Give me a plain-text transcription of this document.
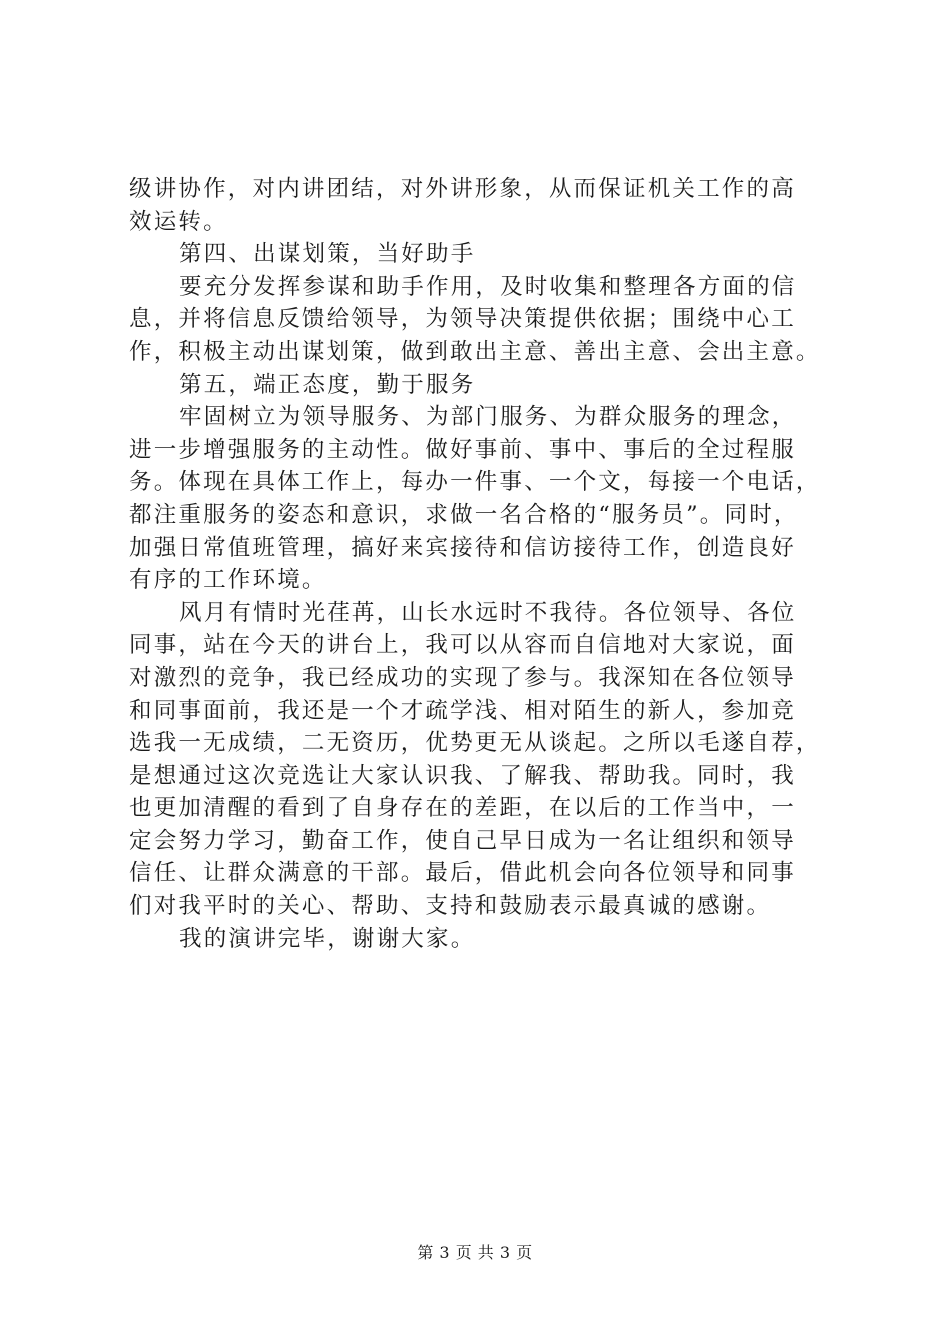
级讲协作，对内讲团结，对外讲形象，从而保证机关工作的高
效运转。
第四、出谋划策，当好助手
要充分发挥参谋和助手作用，及时收集和整理各方面的信
息，并将信息反馈给领导，为领导决策提供依据；围绕中心工
作，积极主动出谋划策，做到敢出主意、善出主意、会出主意。
第五，端正态度，勤于服务
牢固树立为领导服务、为部门服务、为群众服务的理念，
进一步增强服务的主动性。做好事前、事中、事后的全过程服
务。体现在具体工作上，每办一件事、一个文，每接一个电话，
都注重服务的姿态和意识，求做一名合格的“服务员”。同时，
加强日常值班管理，搞好来宾接待和信访接待工作，创造良好
有序的工作环境。
风月有情时光荏苒，山长水远时不我待。各位领导、各位
同事，站在今天的讲台上，我可以从容而自信地对大家说，面
对激烈的竞争，我已经成功的实现了参与。我深知在各位领导
和同事面前，我还是一个才疏学浅、相对陌生的新人，参加竞
选我一无成绩，二无资历，优势更无从谈起。之所以毛遂自荐，
是想通过这次竞选让大家认识我、了解我、帮助我。同时，我
也更加清醒的看到了自身存在的差距，在以后的工作当中，一
定会努力学习，勤奋工作，使自己早日成为一名让组织和领导
信任、让群众满意的干部。最后，借此机会向各位领导和同事
们对我平时的关心、帮助、支持和鼓励表示最真诚的感谢。
我的演讲完毕，谢谢大家。
第 3 页 共 3 页
